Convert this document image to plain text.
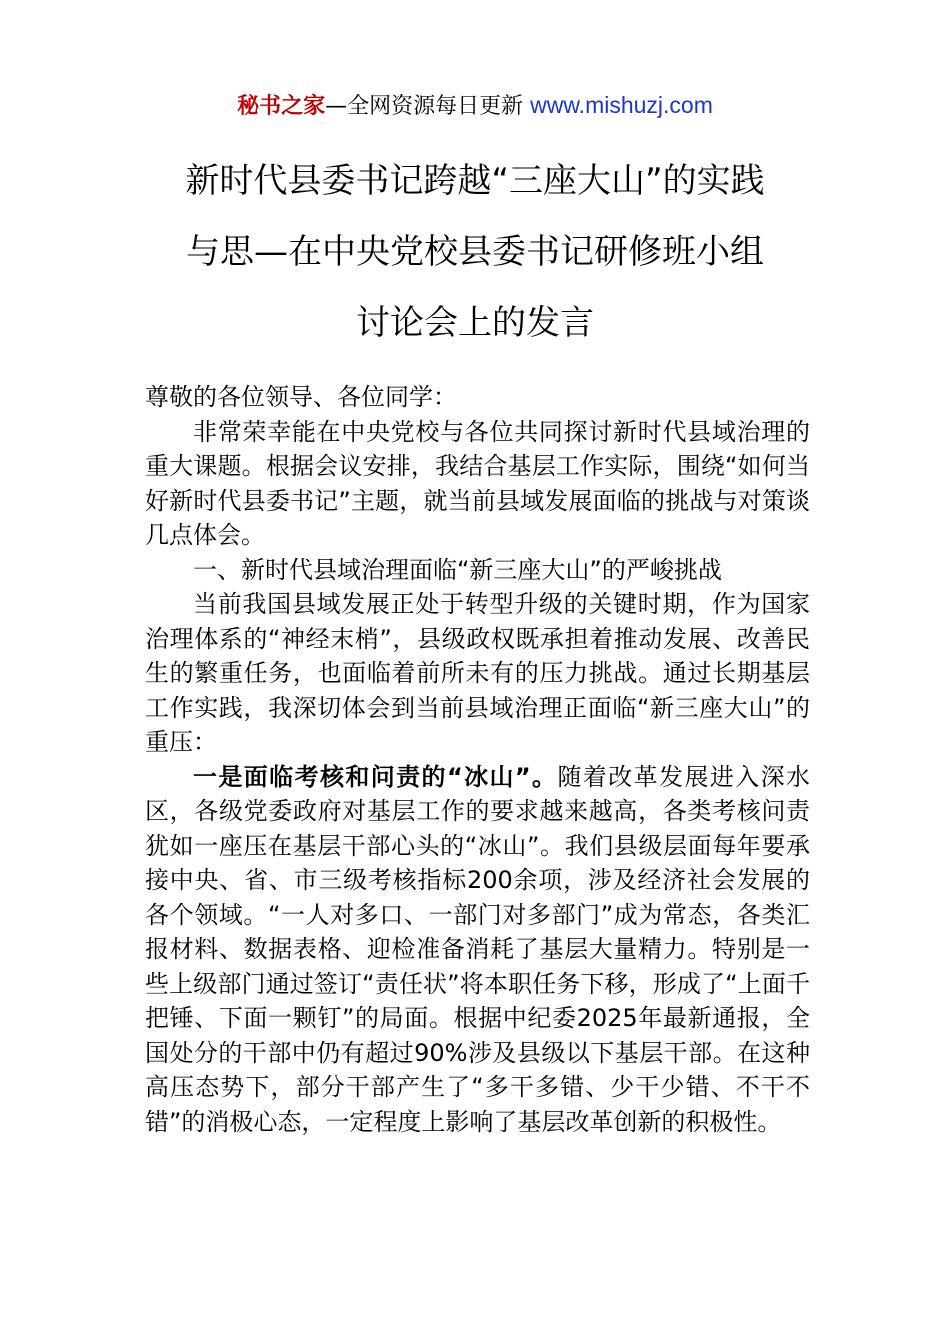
秘书之家—全网资源每日更新 www.mishuzj.com
新时代县委书记跨越“三座大山”的实践
与思—在中央党校县委书记研修班小组
讨论会上的发言

尊敬的各位领导、各位同学：

非常荣幸能在中央党校与各位共同探讨新时代县域治理的重大课题。根据会议安排，我结合基层工作实际，围绕“如何当好新时代县委书记”主题，就当前县域发展面临的挑战与对策谈几点体会。

一、新时代县域治理面临“新三座大山”的严峻挑战

当前我国县域发展正处于转型升级的关键时期，作为国家治理体系的“神经末梢”，县级政权既承担着推动发展、改善民生的繁重任务，也面临着前所未有的压力挑战。通过长期基层工作实践，我深切体会到当前县域治理正面临“新三座大山”的重压：

一是面临考核和问责的“冰山”。随着改革发展进入深水区，各级党委政府对基层工作的要求越来越高，各类考核问责犹如一座压在基层干部心头的“冰山”。我们县级层面每年要承接中央、省、市三级考核指标200余项，涉及经济社会发展的各个领域。“一人对多口、一部门对多部门”成为常态，各类汇报材料、数据表格、迎检准备消耗了基层大量精力。特别是一些上级部门通过签订“责任状”将本职任务下移，形成了“上面千把锤、下面一颗钉”的局面。根据中纪委2025年最新通报，全国处分的干部中仍有超过90%涉及县级以下基层干部。在这种高压态势下，部分干部产生了“多干多错、少干少错、不干不错”的消极心态，一定程度上影响了基层改革创新的积极性。
